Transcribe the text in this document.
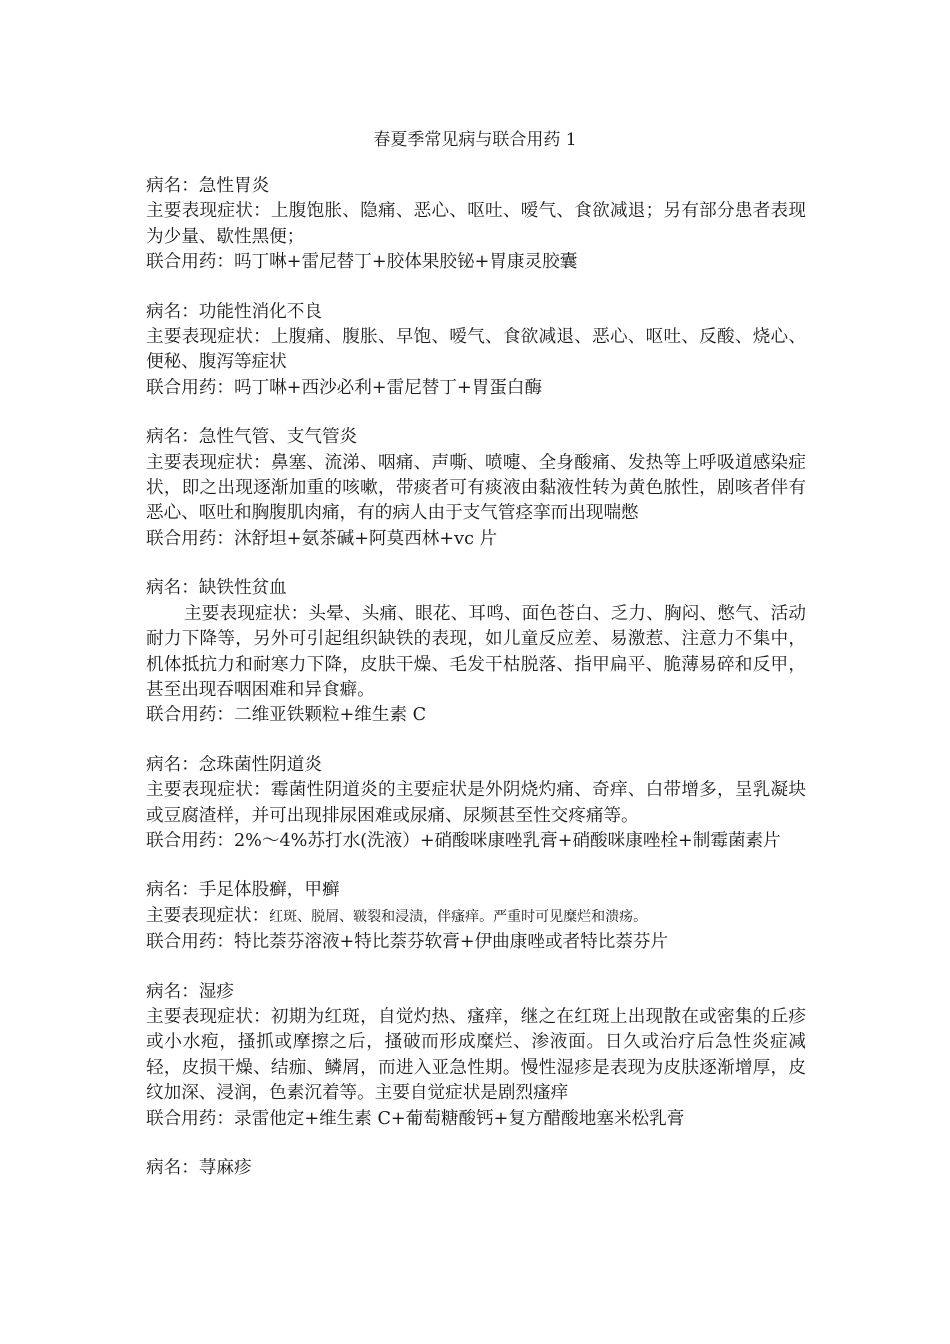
春夏季常见病与联合用药 1

病名：急性胃炎

主要表现症状：上腹饱胀、隐痛、恶心、呕吐、嗳气、食欲减退；另有部分患者表现为少量、歇性黑便；

联合用药：吗丁啉+雷尼替丁+胶体果胶铋+胃康灵胶囊

病名：功能性消化不良

主要表现症状：上腹痛、腹胀、早饱、嗳气、食欲减退、恶心、呕吐、反酸、烧心、便秘、腹泻等症状

联合用药：吗丁啉+西沙必利+雷尼替丁+胃蛋白酶

病名：急性气管、支气管炎

主要表现症状：鼻塞、流涕、咽痛、声嘶、喷嚏、全身酸痛、发热等上呼吸道感染症状，即之出现逐渐加重的咳嗽，带痰者可有痰液由黏液性转为黄色脓性，剧咳者伴有恶心、呕吐和胸腹肌肉痛，有的病人由于支气管痉挛而出现喘憋

联合用药：沐舒坦+氨茶碱+阿莫西林+vc 片

病名：缺铁性贫血

主要表现症状：头晕、头痛、眼花、耳鸣、面色苍白、乏力、胸闷、憋气、活动耐力下降等，另外可引起组织缺铁的表现，如儿童反应差、易激惹、注意力不集中，机体抵抗力和耐寒力下降，皮肤干燥、毛发干枯脱落、指甲扁平、脆薄易碎和反甲，甚至出现吞咽困难和异食癖。

联合用药：二维亚铁颗粒+维生素 C

病名：念珠菌性阴道炎

主要表现症状：霉菌性阴道炎的主要症状是外阴烧灼痛、奇痒、白带增多，呈乳凝块或豆腐渣样，并可出现排尿困难或尿痛、尿频甚至性交疼痛等。

联合用药：2%～4%苏打水(洗液）+硝酸咪康唑乳膏+硝酸咪康唑栓+制霉菌素片

病名：手足体股癣，甲癣

主要表现症状：红斑、脱屑、皲裂和浸渍，伴瘙痒。严重时可见糜烂和溃疡。

联合用药：特比萘芬溶液+特比萘芬软膏+伊曲康唑或者特比萘芬片

病名：湿疹

主要表现症状：初期为红斑，自觉灼热、瘙痒，继之在红斑上出现散在或密集的丘疹或小水疱，搔抓或摩擦之后，搔破而形成糜烂、渗液面。日久或治疗后急性炎症减轻，皮损干燥、结痂、鳞屑，而进入亚急性期。慢性湿疹是表现为皮肤逐渐增厚，皮纹加深、浸润，色素沉着等。主要自觉症状是剧烈瘙痒

联合用药：录雷他定+维生素 C+葡萄糖酸钙+复方醋酸地塞米松乳膏

病名：荨麻疹
